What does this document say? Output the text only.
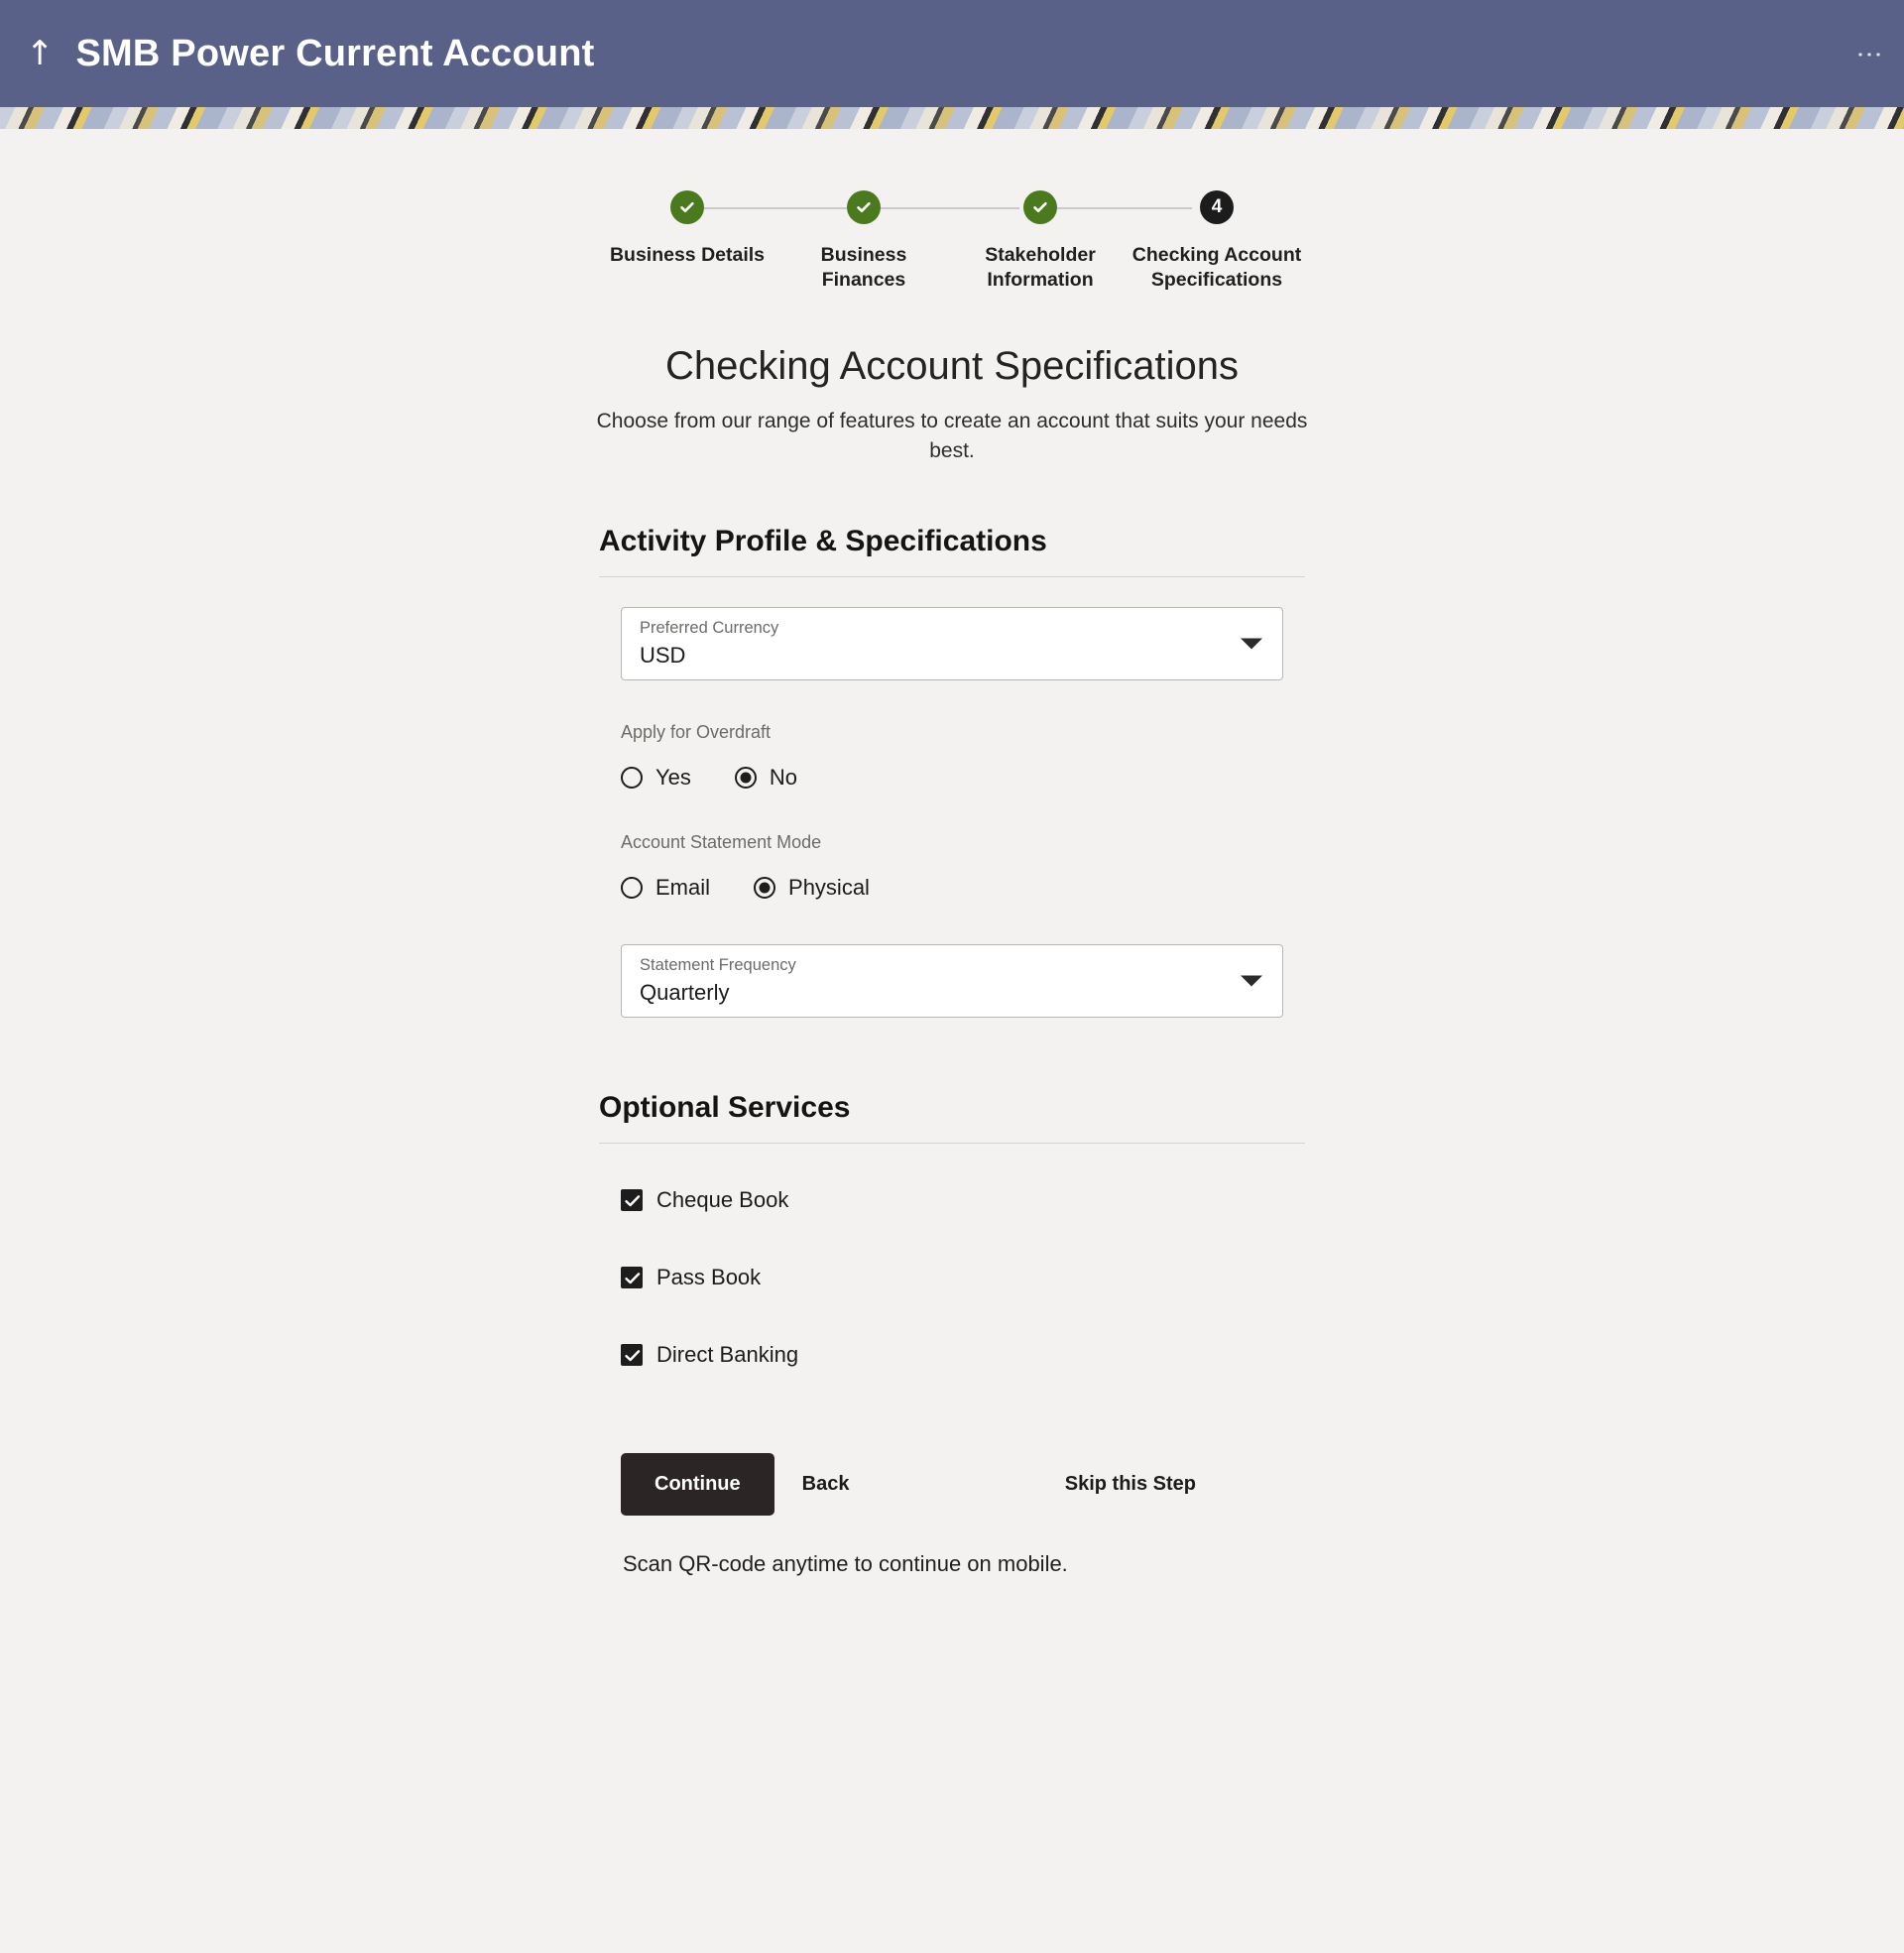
↑ SMB Power Current Account	⋮
Business Details	Business Finances
Stakeholder Information
4
Checking Account Specifications
Checking Account Specifications
Choose from our range of features to create an account that suits your needs best.
Activity Profile & Specifications
Preferred Currency
USD
Apply for Overdraft
Yes	No
Account Statement Mode
Email	Physical
Statement Frequency
Quarterly
Optional Services
Cheque Book
Pass Book
Direct Banking
Continue	Back	Skip this Step
Scan QR-code anytime to continue on mobile.
